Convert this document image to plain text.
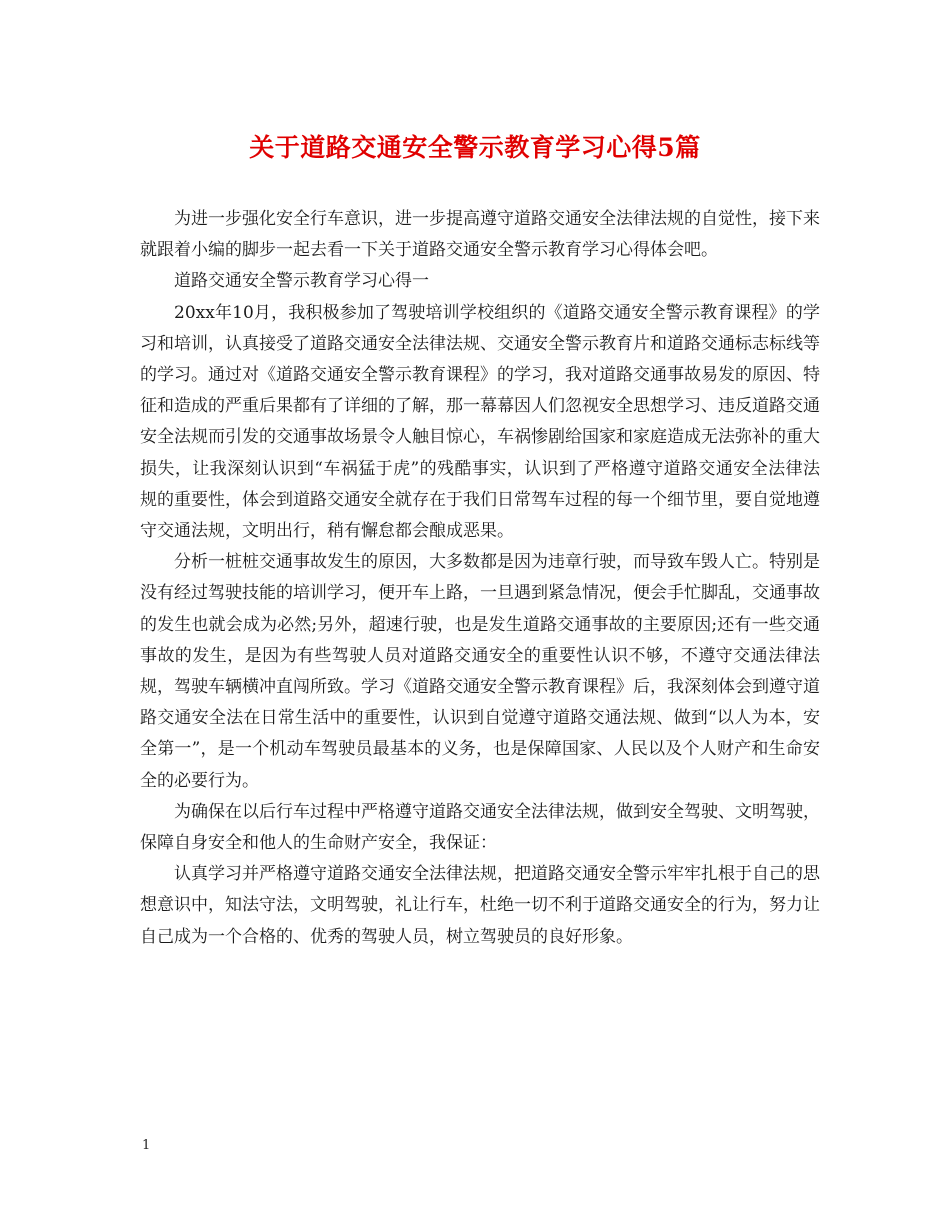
关于道路交通安全警示教育学习心得5篇

为进一步强化安全行车意识，进一步提高遵守道路交通安全法律法规的自觉性，接下来就跟着小编的脚步一起去看一下关于道路交通安全警示教育学习心得体会吧。

道路交通安全警示教育学习心得一

20xx年10月，我积极参加了驾驶培训学校组织的《道路交通安全警示教育课程》的学习和培训，认真接受了道路交通安全法律法规、交通安全警示教育片和道路交通标志标线等的学习。通过对《道路交通安全警示教育课程》的学习，我对道路交通事故易发的原因、特征和造成的严重后果都有了详细的了解，那一幕幕因人们忽视安全思想学习、违反道路交通安全法规而引发的交通事故场景令人触目惊心，车祸惨剧给国家和家庭造成无法弥补的重大损失，让我深刻认识到“车祸猛于虎”的残酷事实，认识到了严格遵守道路交通安全法律法规的重要性，体会到道路交通安全就存在于我们日常驾车过程的每一个细节里，要自觉地遵守交通法规，文明出行，稍有懈怠都会酿成恶果。

分析一桩桩交通事故发生的原因，大多数都是因为违章行驶，而导致车毁人亡。特别是没有经过驾驶技能的培训学习，便开车上路，一旦遇到紧急情况，便会手忙脚乱，交通事故的发生也就会成为必然;另外，超速行驶，也是发生道路交通事故的主要原因;还有一些交通事故的发生，是因为有些驾驶人员对道路交通安全的重要性认识不够，不遵守交通法律法规，驾驶车辆横冲直闯所致。学习《道路交通安全警示教育课程》后，我深刻体会到遵守道路交通安全法在日常生活中的重要性，认识到自觉遵守道路交通法规、做到“以人为本，安全第一”，是一个机动车驾驶员最基本的义务，也是保障国家、人民以及个人财产和生命安全的必要行为。

为确保在以后行车过程中严格遵守道路交通安全法律法规，做到安全驾驶、文明驾驶，保障自身安全和他人的生命财产安全，我保证：

认真学习并严格遵守道路交通安全法律法规，把道路交通安全警示牢牢扎根于自己的思想意识中，知法守法，文明驾驶，礼让行车，杜绝一切不利于道路交通安全的行为，努力让自己成为一个合格的、优秀的驾驶人员，树立驾驶员的良好形象。

1
